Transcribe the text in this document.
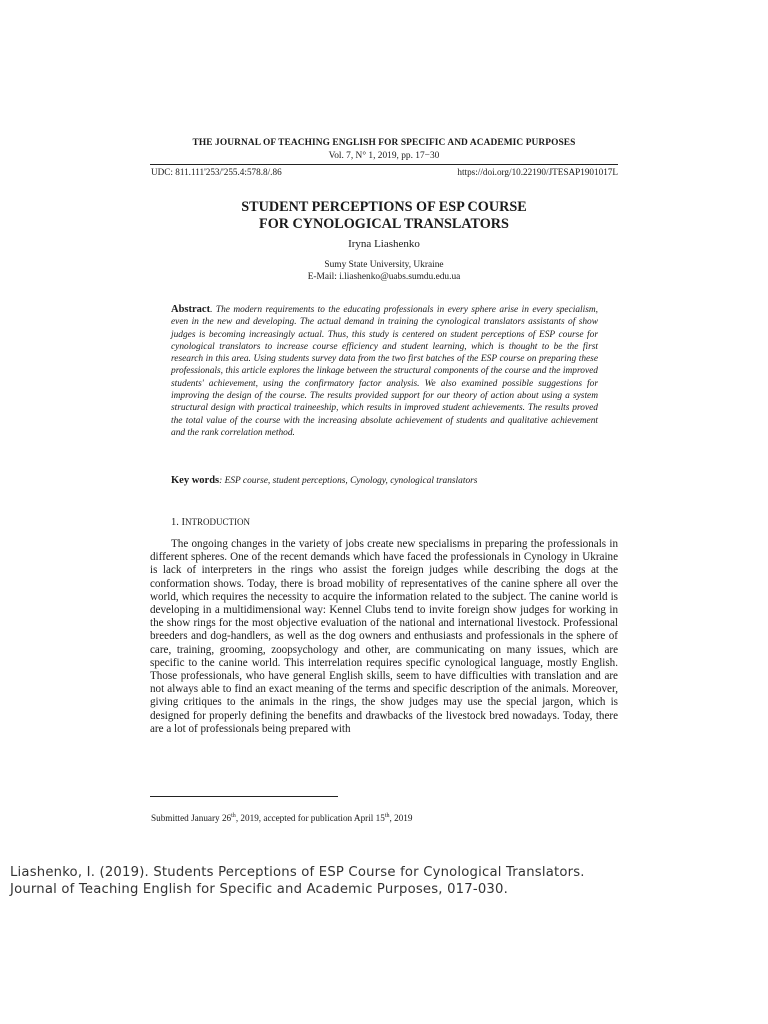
THE JOURNAL OF TEACHING ENGLISH FOR SPECIFIC AND ACADEMIC PURPOSES
Vol. 7, N° 1, 2019, pp. 17−30
UDC: 811.111'253/'255.4:578.8/.86	https://doi.org/10.22190/JTESAP1901017L
STUDENT PERCEPTIONS OF ESP COURSE
FOR CYNOLOGICAL TRANSLATORS
Iryna Liashenko
Sumy State University, Ukraine
E-Mail: i.liashenko@uabs.sumdu.edu.ua
Abstract. The modern requirements to the educating professionals in every sphere arise in every specialism, even in the new and developing. The actual demand in training the cynological translators assistants of show judges is becoming increasingly actual. Thus, this study is centered on student perceptions of ESP course for cynological translators to increase course efficiency and student learning, which is thought to be the first research in this area. Using students survey data from the two first batches of the ESP course on preparing these professionals, this article explores the linkage between the structural components of the course and the improved students' achievement, using the confirmatory factor analysis. We also examined possible suggestions for improving the design of the course. The results provided support for our theory of action about using a system structural design with practical traineeship, which results in improved student achievements. The results proved the total value of the course with the increasing absolute achievement of students and qualitative achievement and the rank correlation method.
Key words: ESP course, student perceptions, Cynology, cynological translators
1. INTRODUCTION
The ongoing changes in the variety of jobs create new specialisms in preparing the professionals in different spheres. One of the recent demands which have faced the professionals in Cynology in Ukraine is lack of interpreters in the rings who assist the foreign judges while describing the dogs at the conformation shows. Today, there is broad mobility of representatives of the canine sphere all over the world, which requires the necessity to acquire the information related to the subject. The canine world is developing in a multidimensional way: Kennel Clubs tend to invite foreign show judges for working in the show rings for the most objective evaluation of the national and international livestock. Professional breeders and dog-handlers, as well as the dog owners and enthusiasts and professionals in the sphere of care, training, grooming, zoopsychology and other, are communicating on many issues, which are specific to the canine world. This interrelation requires specific cynological language, mostly English. Those professionals, who have general English skills, seem to have difficulties with translation and are not always able to find an exact meaning of the terms and specific description of the animals. Moreover, giving critiques to the animals in the rings, the show judges may use the special jargon, which is designed for properly defining the benefits and drawbacks of the livestock bred nowadays. Today, there are a lot of professionals being prepared with
Submitted January 26th, 2019, accepted for publication April 15th, 2019
Liashenko, I. (2019). Students Perceptions of ESP Course for Cynological Translators.
Journal of Teaching English for Specific and Academic Purposes, 017-030.
